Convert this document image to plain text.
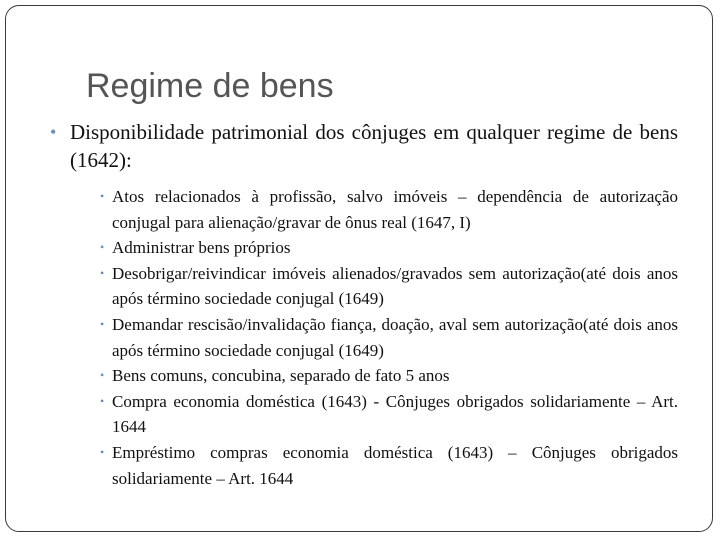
Regime de bens
• Disponibilidade patrimonial dos cônjuges em qualquer regime de bens (1642):
• Atos relacionados à profissão, salvo imóveis – dependência de autorização conjugal para alienação/gravar de ônus real (1647, I)
• Administrar bens próprios
• Desobrigar/reivindicar imóveis alienados/gravados sem autorização(até dois anos após término sociedade conjugal (1649)
• Demandar rescisão/invalidação fiança, doação, aval sem autorização(até dois anos após término sociedade conjugal (1649)
• Bens comuns, concubina, separado de fato 5 anos
• Compra economia doméstica (1643) - Cônjuges obrigados solidariamente – Art. 1644
• Empréstimo compras economia doméstica (1643) – Cônjuges obrigados solidariamente – Art. 1644
